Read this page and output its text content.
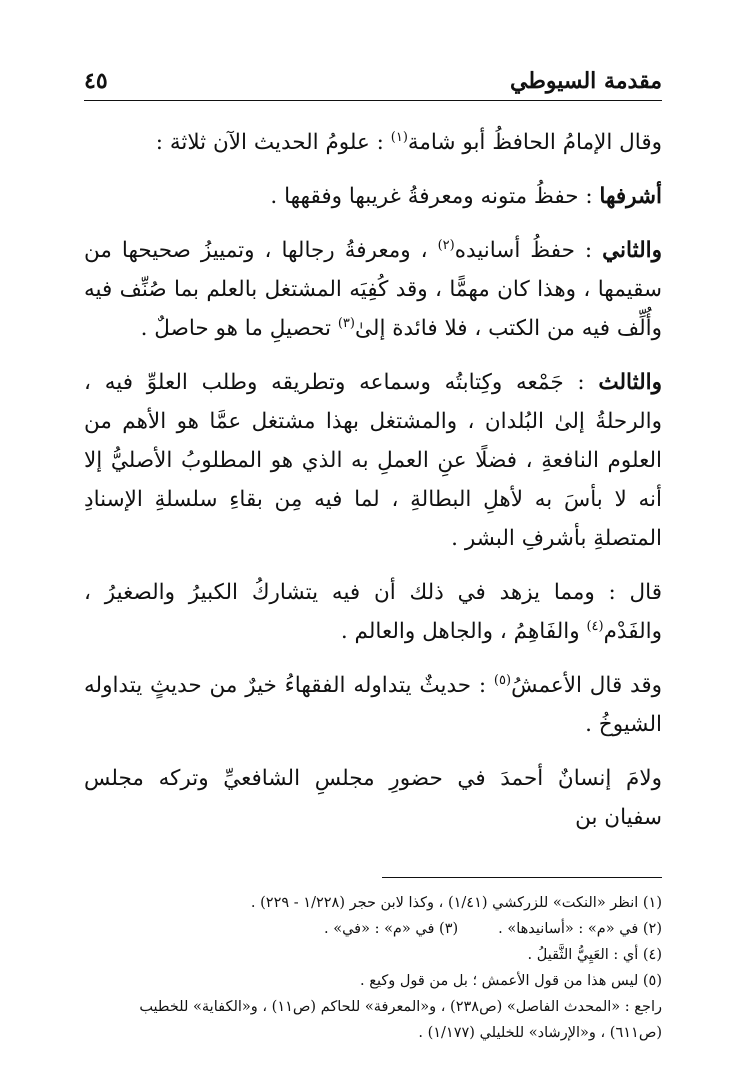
مقدمة السيوطي
٤٥

وقال الإمامُ الحافظُ أبو شامة$^{(١)}$ : علومُ الحديث الآن ثلاثة :

أشرفها : حفظُ متونه ومعرفةُ غريبها وفقهها .

والثاني : حفظُ أسانيده$^{(٢)}$ ، ومعرفةُ رجالها ، وتمييزُ صحيحها من سقيمها ، وهذا كان مهمًّا ، وقد كُفِيَه المشتغل بالعلم بما صُنِّف فيه وأُلِّف فيه من الكتب ، فلا فائدة إلىٰ$^{(٣)}$ تحصيلِ ما هو حاصلٌ .

والثالث : جَمْعه وكِتابتُه وسماعه وتطريقه وطلب العلوِّ فيه ، والرحلةُ إلىٰ البُلدان ، والمشتغل بهذا مشتغل عمَّا هو الأهم من العلوم النافعةِ ، فضلًا عنِ العملِ به الذي هو المطلوبُ الأصليُّ إلا أنه لا بأسَ به لأهلِ البطالةِ ، لما فيه مِن بقاءِ سلسلةِ الإسنادِ المتصلةِ بأشرفِ البشر .

قال : ومما يزهد في ذلك أن فيه يتشاركُ الكبيرُ والصغيرُ ، والفَدْم$^{(٤)}$ والفَاهِمُ ، والجاهل والعالم .

وقد قال الأعمشُ$^{(٥)}$ : حديثٌ يتداوله الفقهاءُ خيرٌ من حديثٍ يتداوله الشيوخُ .

ولامَ إنسانٌ أحمدَ في حضورِ مجلسِ الشافعيِّ وتركه مجلس سفيان بن

(١) انظر «النكت» للزركشي (١/٤١) ، وكذا لابن حجر (١/٢٢٨ - ٢٢٩) .

(٢) في «م» : «أسانيدها» .

(٣) في «م» : «في» .

(٤) أي : العَيِيُّ الثَّقيلُ .

(٥) ليس هذا من قول الأعمش ؛ بل من قول وكيع .

راجع : «المحدث الفاصل» (ص٢٣٨) ، و«المعرفة» للحاكم (ص١١) ، و«الكفاية» للخطيب (ص٦١١) ، و«الإرشاد» للخليلي (١/١٧٧) .
